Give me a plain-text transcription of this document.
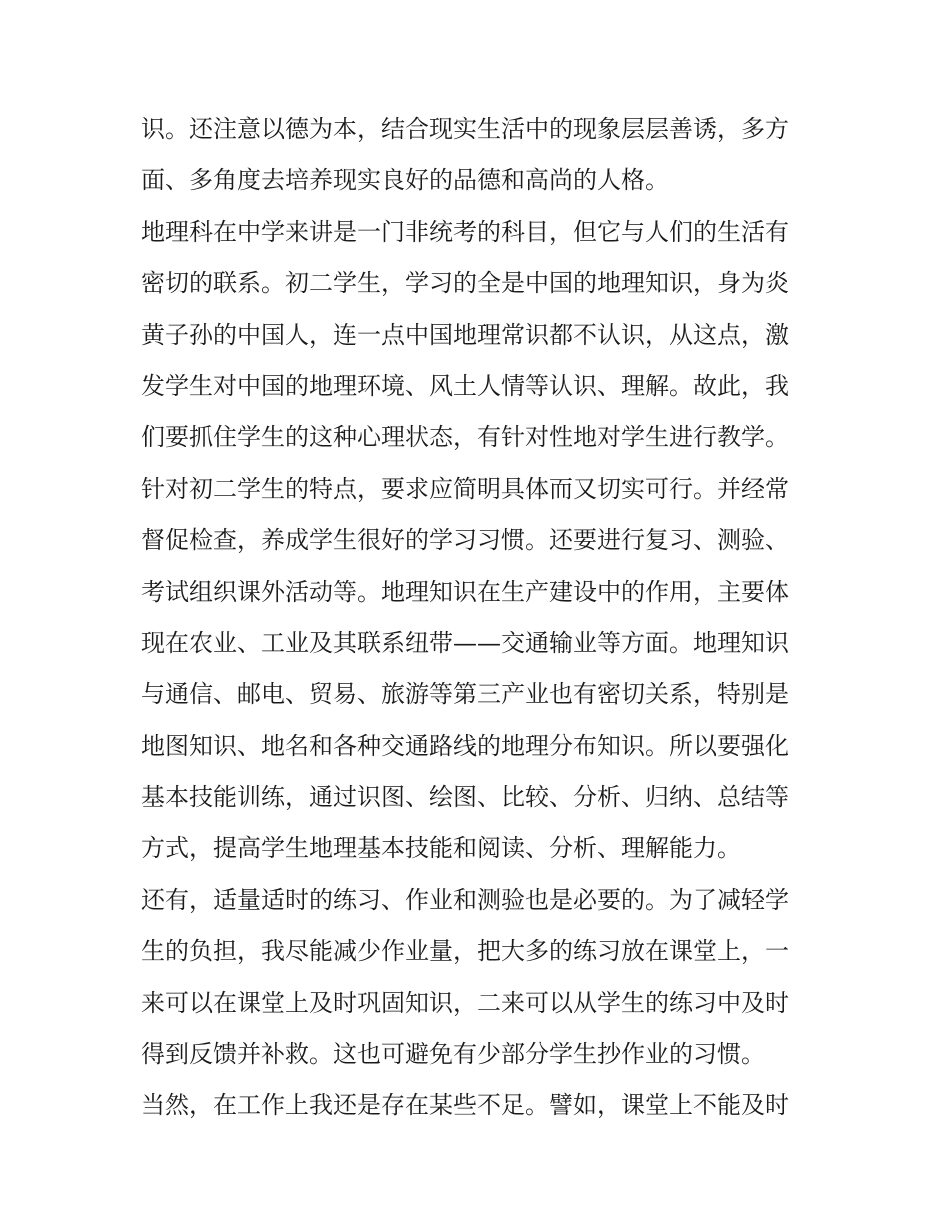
识。还注意以德为本，结合现实生活中的现象层层善诱，多方
面、多角度去培养现实良好的品德和高尚的人格。

地理科在中学来讲是一门非统考的科目，但它与人们的生活有
密切的联系。初二学生，学习的全是中国的地理知识，身为炎
黄子孙的中国人，连一点中国地理常识都不认识，从这点，激
发学生对中国的地理环境、风土人情等认识、理解。故此，我
们要抓住学生的这种心理状态，有针对性地对学生进行教学。

针对初二学生的特点，要求应简明具体而又切实可行。并经常
督促检查，养成学生很好的学习习惯。还要进行复习、测验、
考试组织课外活动等。地理知识在生产建设中的作用，主要体
现在农业、工业及其联系纽带——交通输业等方面。地理知识
与通信、邮电、贸易、旅游等第三产业也有密切关系，特别是
地图知识、地名和各种交通路线的地理分布知识。所以要强化
基本技能训练，通过识图、绘图、比较、分析、归纳、总结等
方式，提高学生地理基本技能和阅读、分析、理解能力。

还有，适量适时的练习、作业和测验也是必要的。为了减轻学
生的负担，我尽能减少作业量，把大多的练习放在课堂上，一
来可以在课堂上及时巩固知识，二来可以从学生的练习中及时
得到反馈并补救。这也可避免有少部分学生抄作业的习惯。

当然，在工作上我还是存在某些不足。譬如，课堂上不能及时
